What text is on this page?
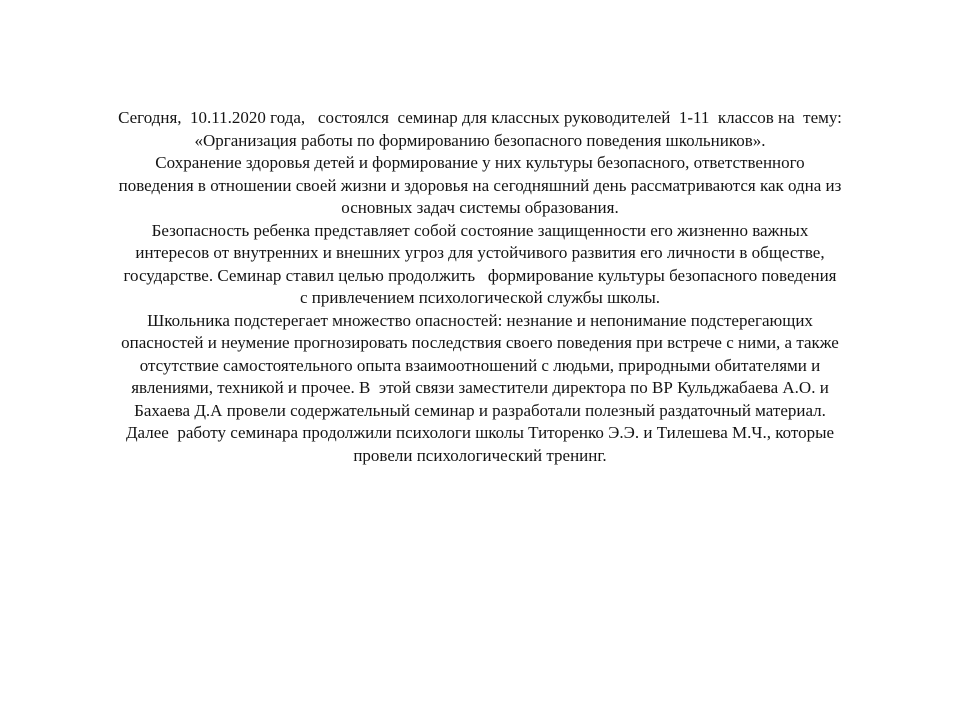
Сегодня,  10.11.2020 года,   состоялся  семинар для классных руководителей  1-11  классов на  тему:
«Организация работы по формированию безопасного поведения школьников».
Сохранение здоровья детей и формирование у них культуры безопасного, ответственного
поведения в отношении своей жизни и здоровья на сегодняшний день рассматриваются как одна из
основных задач системы образования.
Безопасность ребенка представляет собой состояние защищенности его жизненно важных
интересов от внутренних и внешних угроз для устойчивого развития его личности в обществе,
государстве. Семинар ставил целью продолжить   формирование культуры безопасного поведения
с привлечением психологической службы школы.
Школьника подстерегает множество опасностей: незнание и непонимание подстерегающих
опасностей и неумение прогнозировать последствия своего поведения при встрече с ними, а также
отсутствие самостоятельного опыта взаимоотношений с людьми, природными обитателями и
явлениями, техникой и прочее. В  этой связи заместители директора по ВР Кульджабаева А.О. и
Бахаева Д.А провели содержательный семинар и разработали полезный раздаточный материал.
Далее  работу семинара продолжили психологи школы Титоренко Э.Э. и Тилешева М.Ч., которые
провели психологический тренинг.
